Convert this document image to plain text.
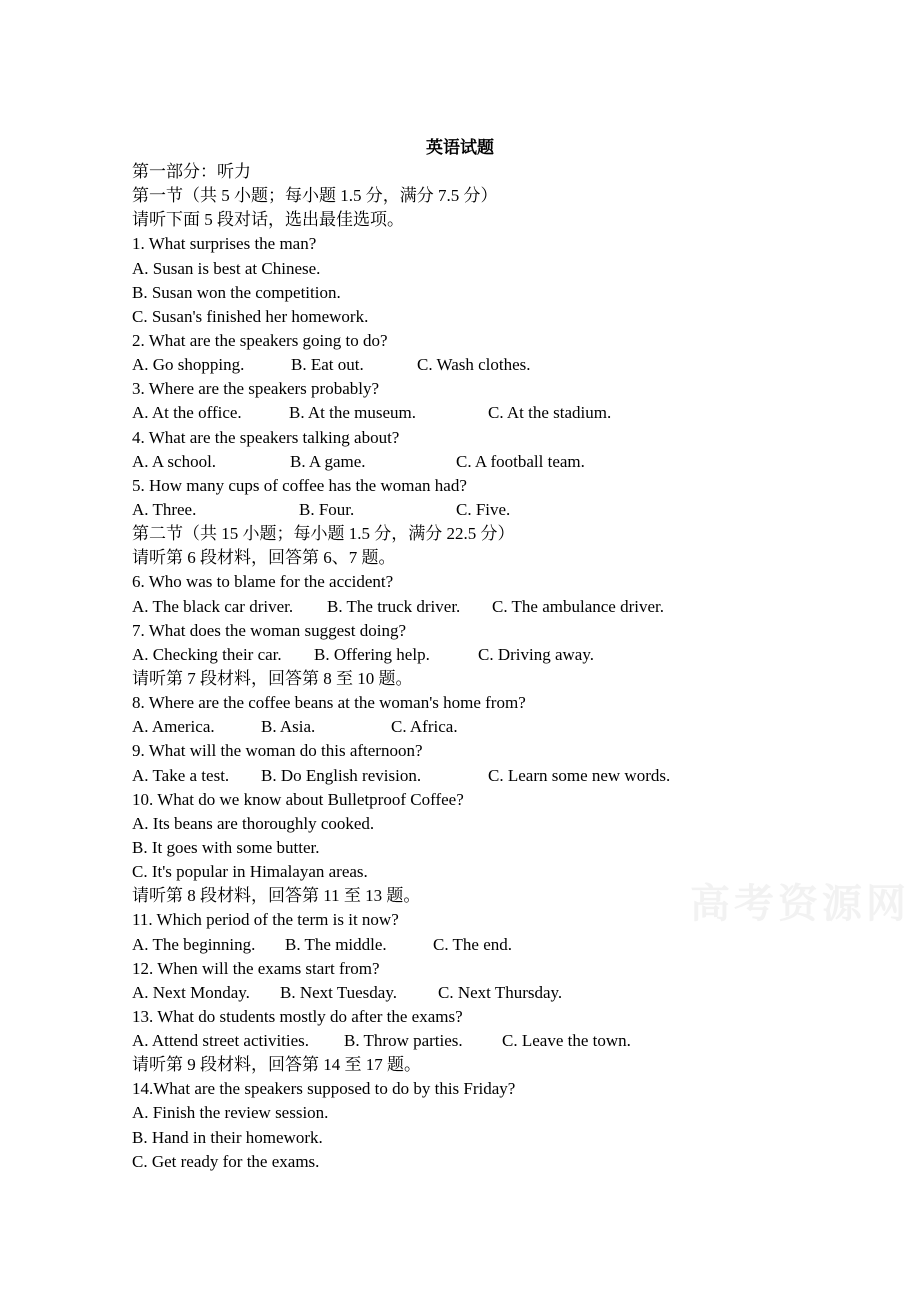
英语试题
第一部分：听力
第一节（共 5 小题；每小题 1.5 分，满分 7.5 分）
请听下面 5 段对话，选出最佳选项。
1. What surprises the man?
A. Susan is best at Chinese.
B. Susan won the competition.
C. Susan's finished her homework.
2. What are the speakers going to do?
A. Go shopping.	B. Eat out.	C. Wash clothes.
3. Where are the speakers probably?
A. At the office.	B. At the museum.	C. At the stadium.
4. What are the speakers talking about?
A. A school.	B. A game.	C. A football team.
5. How many cups of coffee has the woman had?
A. Three.	B. Four.	C. Five.
第二节（共 15 小题；每小题 1.5 分，满分 22.5 分）
请听第 6 段材料，回答第 6、7 题。
6. Who was to blame for the accident?
A. The black car driver. B. The truck driver. C. The ambulance driver.
7. What does the woman suggest doing?
A. Checking their car. B. Offering help.	C. Driving away.
请听第 7 段材料，回答第 8 至 10 题。
8. Where are the coffee beans at the woman's home from?
A. America.	B. Asia.	C. Africa.
9. What will the woman do this afternoon?
A. Take a test. B. Do English revision.	C. Learn some new words.
10. What do we know about Bulletproof Coffee?
A. Its beans are thoroughly cooked.
B. It goes with some butter.
C. It's popular in Himalayan areas.
请听第 8 段材料，回答第 11 至 13 题。
11. Which period of the term is it now?
A. The beginning. B. The middle.	C. The end.
12. When will the exams start from?
A. Next Monday. B. Next Tuesday. C. Next Thursday.
13. What do students mostly do after the exams?
A. Attend street activities. B. Throw parties. C. Leave the town.
请听第 9 段材料，回答第 14 至 17 题。
14.What are the speakers supposed to do by this Friday?
A. Finish the review session.
B. Hand in their homework.
C. Get ready for the exams.
高考资源网
